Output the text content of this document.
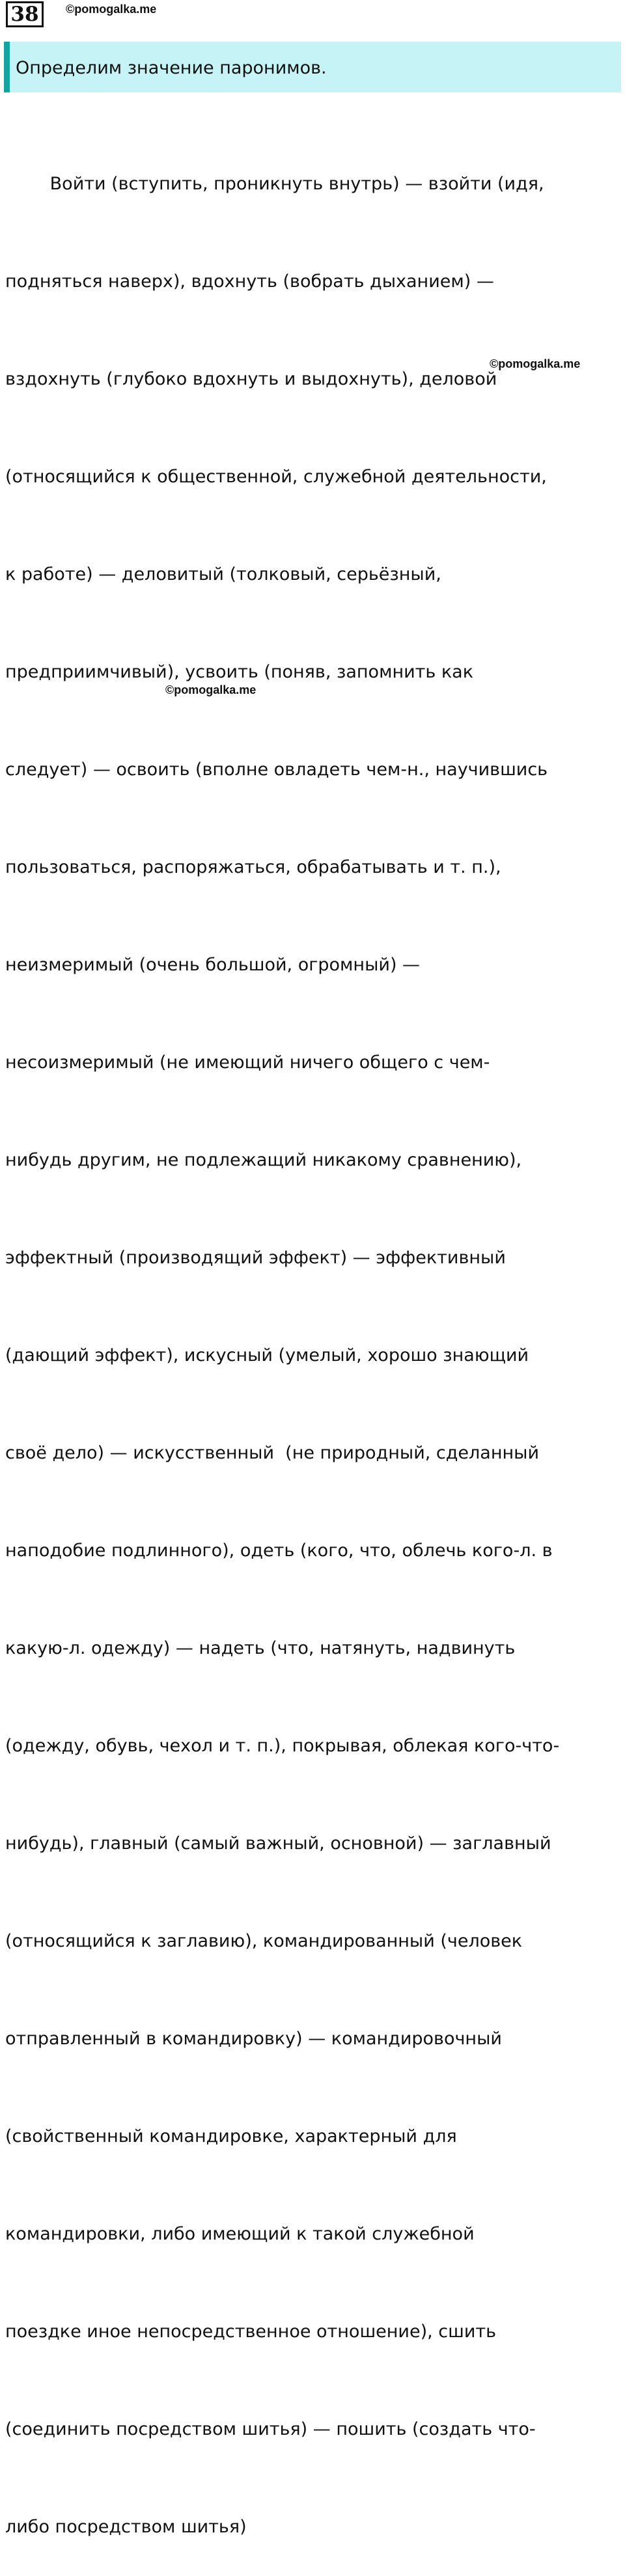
38	©pomogalka.me
Определим значение паронимов.

Войти (вступить, проникнуть внутрь) — взойти (идя,

подняться наверх), вдохнуть (вобрать дыханием) —

вздохнуть (глубоко вдохнуть и выдохнуть), деловой

(относящийся к общественной, служебной деятельности,

к работе) — деловитый (толковый, серьёзный,

предприимчивый), усвоить (поняв, запомнить как

следует) — освоить (вполне овладеть чем-н., научившись

пользоваться, распоряжаться, обрабатывать и т. п.),

неизмеримый (очень большой, огромный) —

несоизмеримый (не имеющий ничего общего с чем-

нибудь другим, не подлежащий никакому сравнению),

эффектный (производящий эффект) — эффективный

(дающий эффект), искусный (умелый, хорошо знающий

своё дело) — искусственный  (не природный, сделанный

наподобие подлинного), одеть (кого, что, облечь кого-л. в

какую-л. одежду) — надеть (что, натянуть, надвинуть

(одежду, обувь, чехол и т. п.), покрывая, облекая кого-что-

нибудь), главный (самый важный, основной) — заглавный

(относящийся к заглавию), командированный (человек

отправленный в командировку) — командировочный

(свойственный командировке, характерный для

командировки, либо имеющий к такой служебной

поездке иное непосредственное отношение), сшить

(соединить посредством шитья) — пошить (создать что-

либо посредством шитья)

©pomogalka.me
©pomogalka.me
